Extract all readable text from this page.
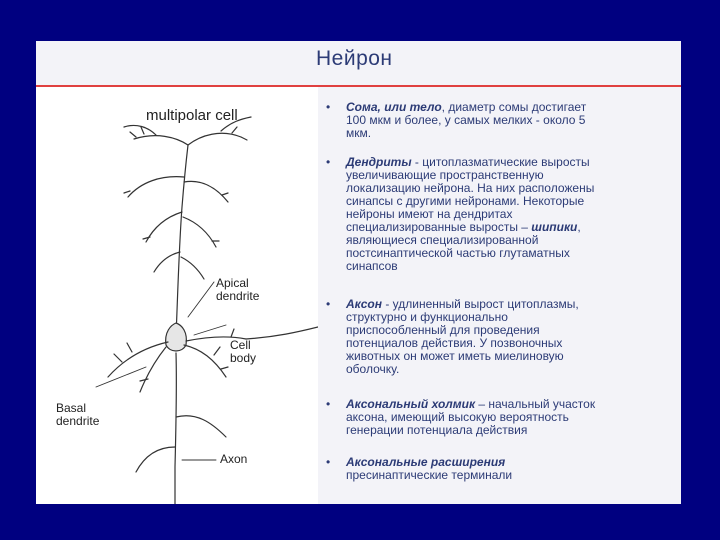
Нейрон
multipolar cell
Apical
dendrite
Cell
body
Basal
dendrite
Axon
• Сома, или тело, диаметр сомы достигает
100 мкм и более, у самых мелких - около 5
мкм.
• Дендриты - цитоплазматические выросты
увеличивающие пространственную
локализацию нейрона. На них расположены
синапсы с другими нейронами. Некоторые
нейроны имеют на дендритах
специализированные выросты – шипики,
являющиеся специализированной
постсинаптической частью глутаматных
синапсов
• Аксон - удлиненный вырост цитоплазмы,
структурно и функционально
приспособленный для проведения
потенциалов действия. У позвоночных
животных он может иметь миелиновую
оболочку.
• Аксональный холмик – начальный участок
аксона, имеющий высокую вероятность
генерации потенциала действия
• Аксональные расширения
пресинаптические терминали
